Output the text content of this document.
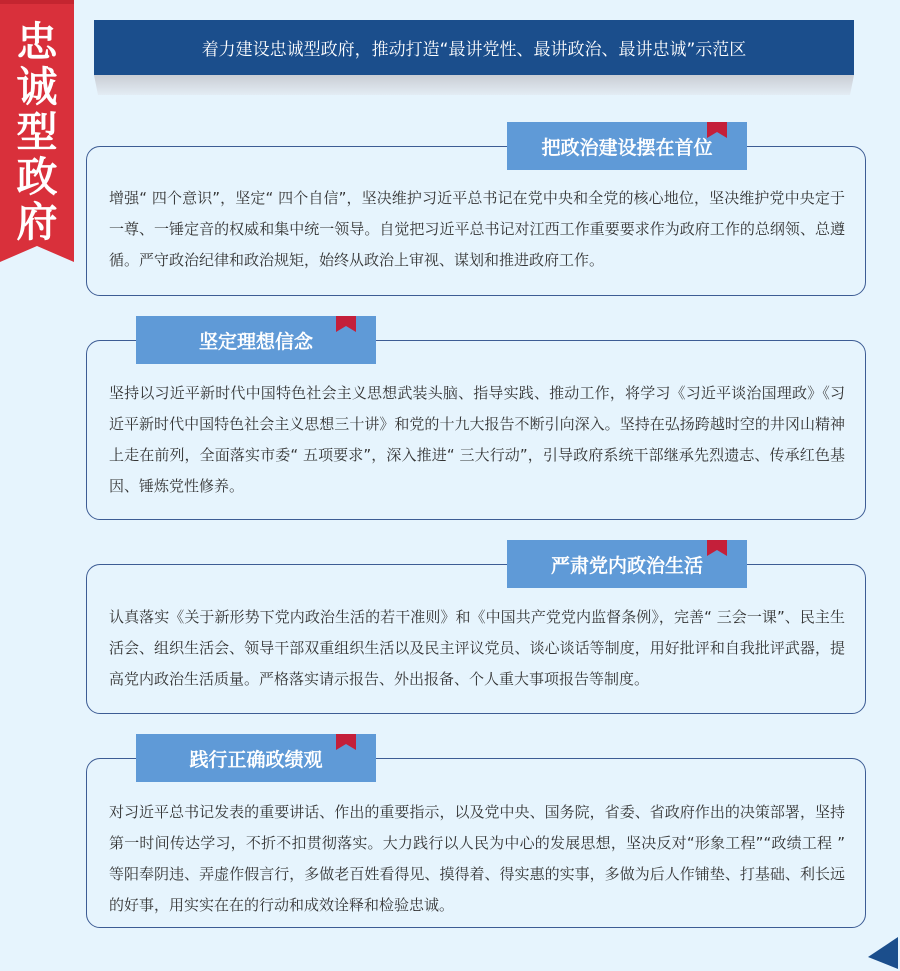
忠
诚
型
政
府
着力建设忠诚型政府，推动打造“最讲党性、最讲政治、最讲忠诚”示范区
增强“ 四个意识”，坚定“ 四个自信”，坚决维护习近平总书记在党中央和全党的核心地位，坚决维护党中央定于一尊、一锤定音的权威和集中统一领导。自觉把习近平总书记对江西工作重要要求作为政府工作的总纲领、总遵循。严守政治纪律和政治规矩，始终从政治上审视、谋划和推进政府工作。
把政治建设摆在首位
坚持以习近平新时代中国特色社会主义思想武装头脑、指导实践、推动工作，将学习《习近平谈治国理政》《习近平新时代中国特色社会主义思想三十讲》和党的十九大报告不断引向深入。坚持在弘扬跨越时空的井冈山精神上走在前列，全面落实市委“ 五项要求”，深入推进“ 三大行动”，引导政府系统干部继承先烈遗志、传承红色基因、锤炼党性修养。
坚定理想信念
认真落实《关于新形势下党内政治生活的若干准则》和《中国共产党党内监督条例》，完善“ 三会一课”、民主生活会、组织生活会、领导干部双重组织生活以及民主评议党员、谈心谈话等制度，用好批评和自我批评武器，提高党内政治生活质量。严格落实请示报告、外出报备、个人重大事项报告等制度。
严肃党内政治生活
对习近平总书记发表的重要讲话、作出的重要指示，以及党中央、国务院，省委、省政府作出的决策部署，坚持第一时间传达学习，不折不扣贯彻落实。大力践行以人民为中心的发展思想，坚决反对“形象工程”“政绩工程 ” 等阳奉阴违、弄虚作假言行，多做老百姓看得见、摸得着、得实惠的实事，多做为后人作铺垫、打基础、利长远的好事，用实实在在的行动和成效诠释和检验忠诚。
践行正确政绩观
